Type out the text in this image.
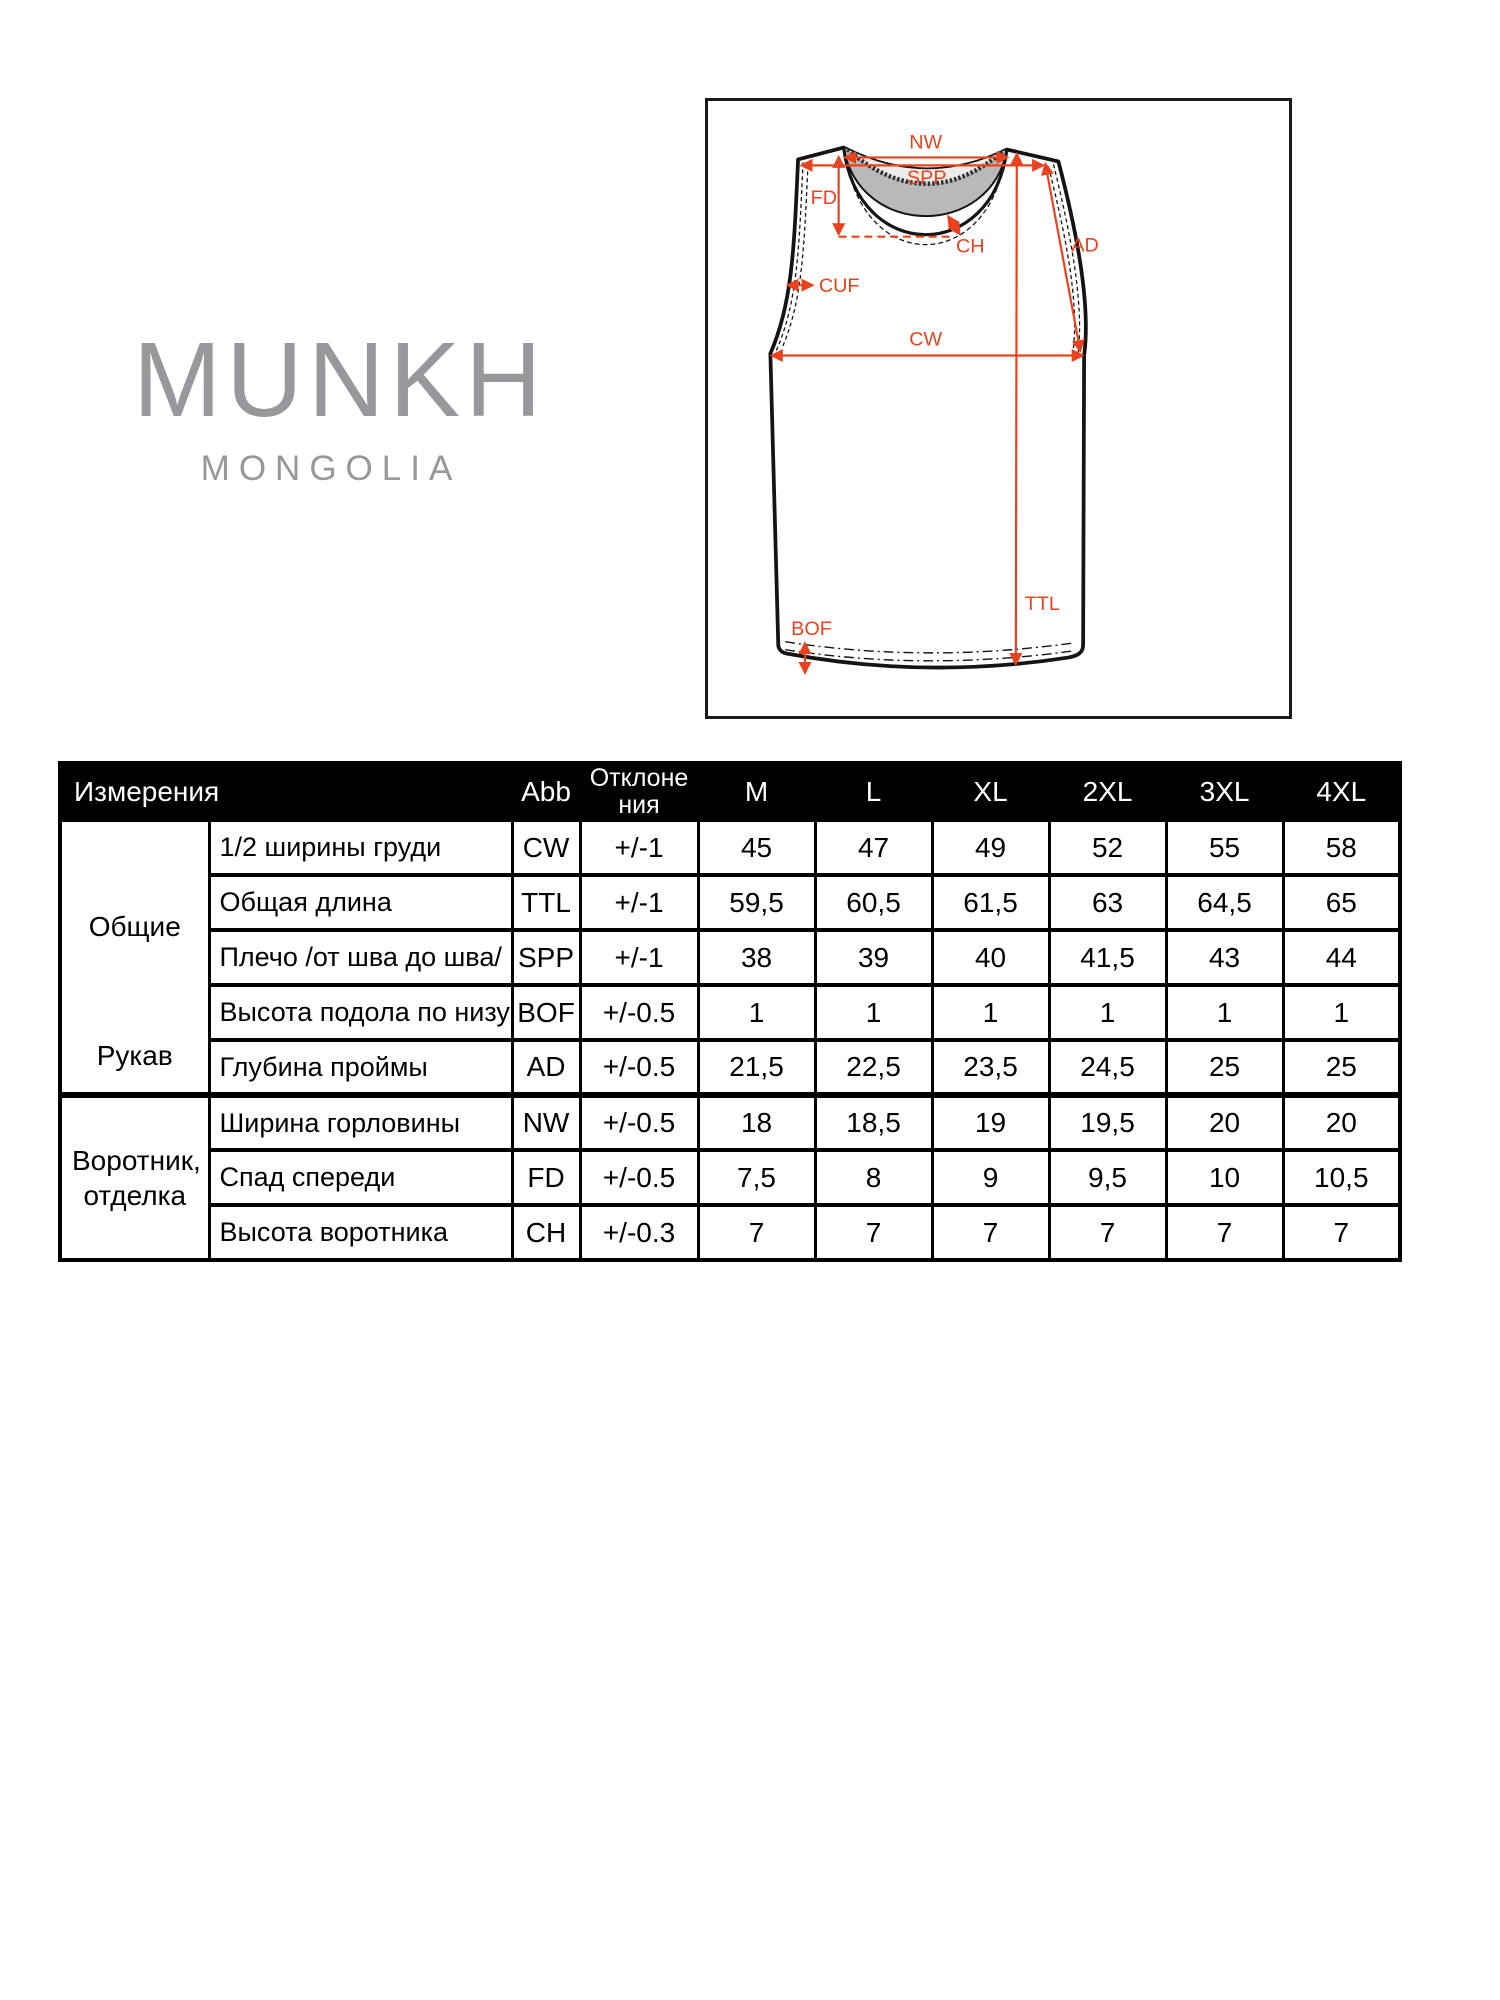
MUNKH
MONGOLIA
NW
SPP
FD
CH
CUF
CW
AD
TTL
BOF
Измерения		Abb	Отклонения	M	L	XL	2XL	3XL	4XL

Общие
Рукав	1/2 ширины груди	CW	+/-1	45	47	49	52	55	58
	Общая длина	TTL	+/-1	59,5	60,5	61,5	63	64,5	65
	Плечо /от шва до шва/	SPP	+/-1	38	39	40	41,5	43	44
	Высота подола по низу	BOF	+/-0.5	1	1	1	1	1	1
	Глубина проймы	AD	+/-0.5	21,5	22,5	23,5	24,5	25	25
Воротник, отделка	Ширина горловины	NW	+/-0.5	18	18,5	19	19,5	20	20
	Спад спереди	FD	+/-0.5	7,5	8	9	9,5	10	10,5
	Высота воротника	CH	+/-0.3	7	7	7	7	7	7
